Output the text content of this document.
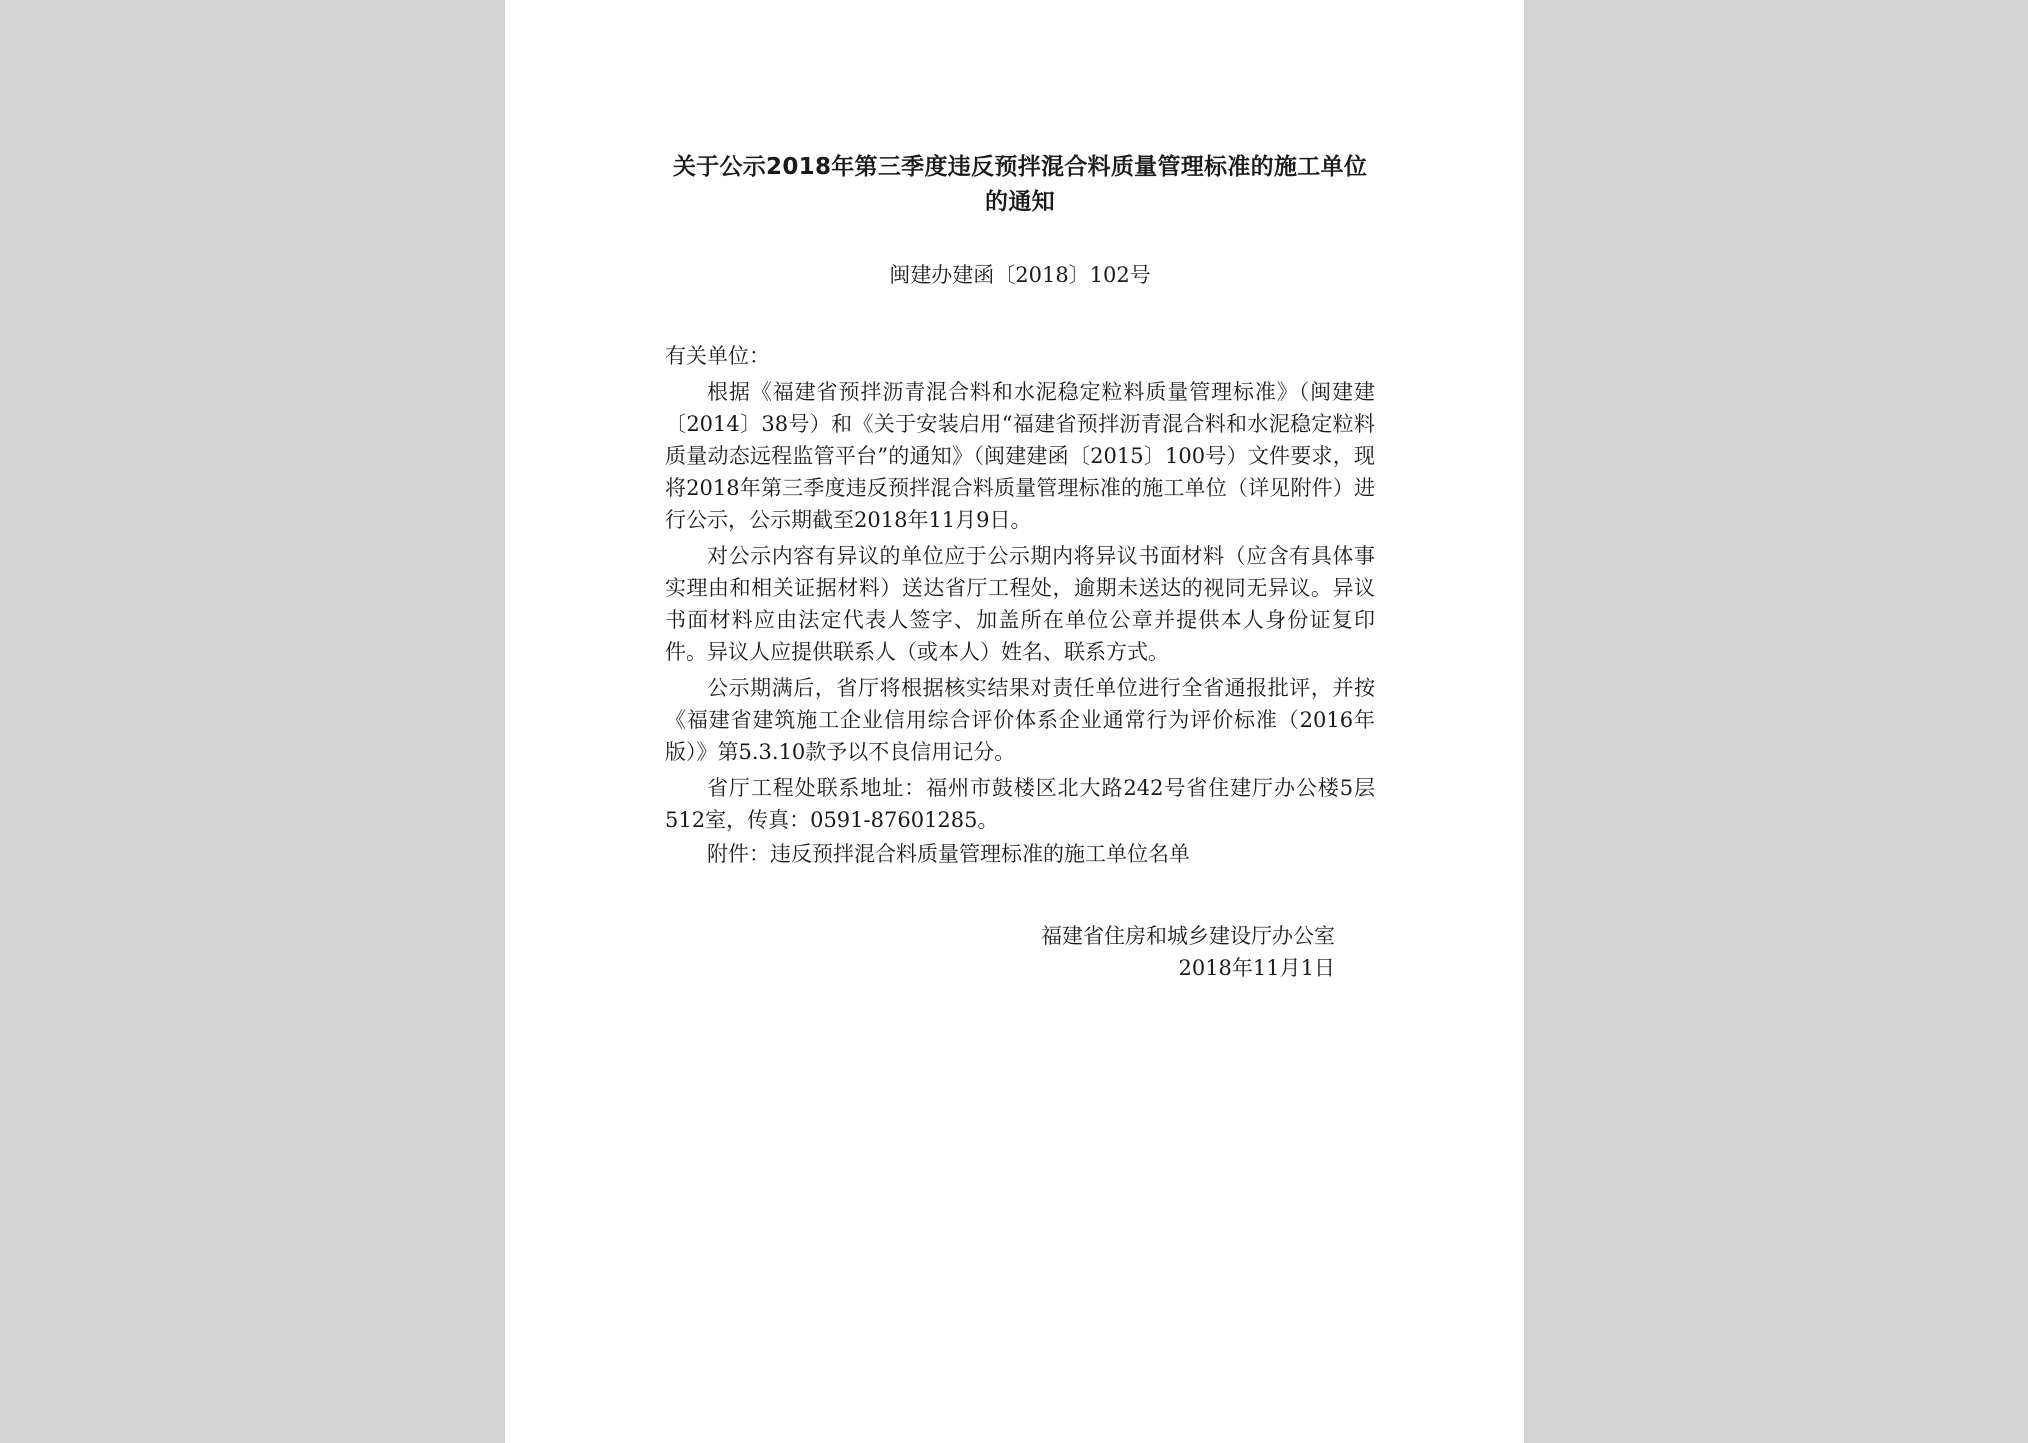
关于公示2018年第三季度违反预拌混合料质量管理标准的施工单位的通知
闽建办建函〔2018〕102号
有关单位：

根据《福建省预拌沥青混合料和水泥稳定粒料质量管理标准》（闽建建〔2014〕38号）和《关于安装启用“福建省预拌沥青混合料和水泥稳定粒料质量动态远程监管平台”的通知》（闽建建函〔2015〕100号）文件要求，现将2018年第三季度违反预拌混合料质量管理标准的施工单位（详见附件）进行公示，公示期截至2018年11月9日。

对公示内容有异议的单位应于公示期内将异议书面材料（应含有具体事实理由和相关证据材料）送达省厅工程处，逾期未送达的视同无异议。异议书面材料应由法定代表人签字、加盖所在单位公章并提供本人身份证复印件。异议人应提供联系人（或本人）姓名、联系方式。

公示期满后，省厅将根据核实结果对责任单位进行全省通报批评，并按《福建省建筑施工企业信用综合评价体系企业通常行为评价标准（2016年版）》第5.3.10款予以不良信用记分。

省厅工程处联系地址：福州市鼓楼区北大路242号省住建厅办公楼5层512室，传真：0591-87601285。

附件：违反预拌混合料质量管理标准的施工单位名单

福建省住房和城乡建设厅办公室
2018年11月1日
